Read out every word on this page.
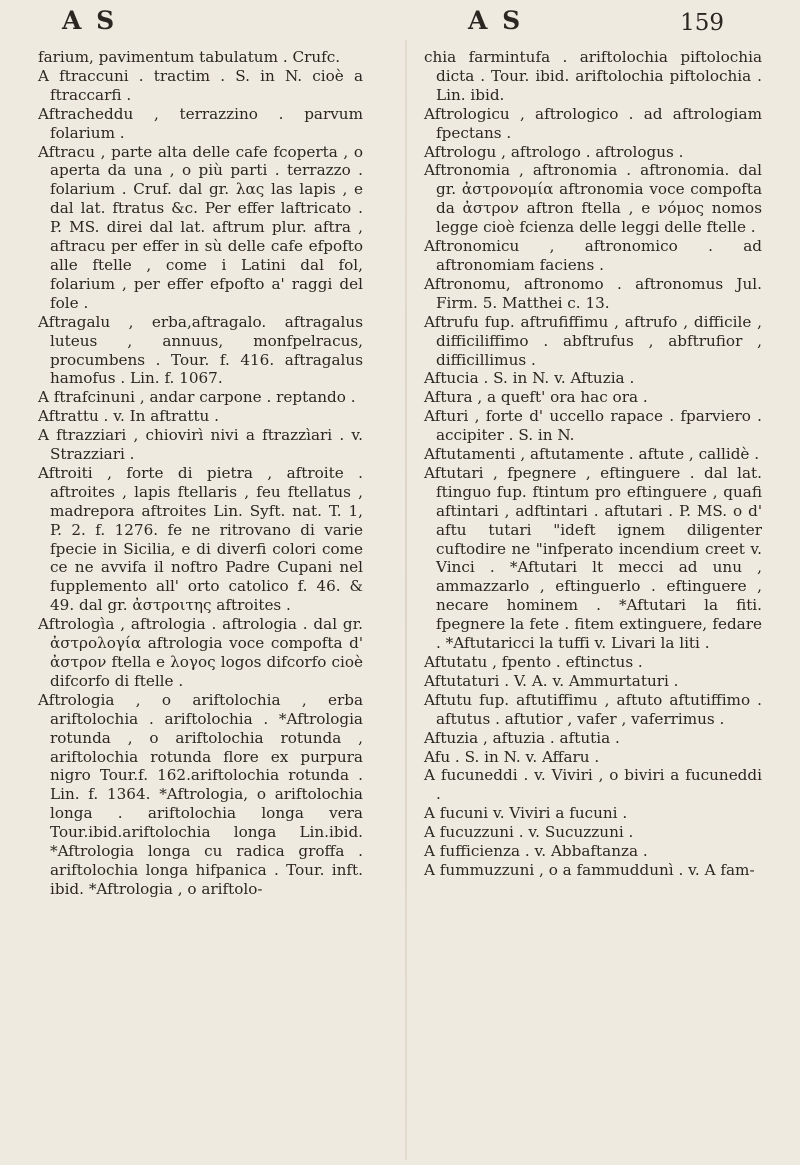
A S	A S	159

farium, pavimentum tabulatum . Crufc.

A ftraccuni . tractim . S. in N. cioè a ftraccarfi .

Aftracheddu , terrazzino . parvum folarium .

Aftracu , parte alta delle cafe fcoperta , o aperta da una , o più parti . terrazzo . folarium . Cruf. dal gr. λας las lapis , e dal lat. ftratus &c. Per effer laftricato . P. MS. direi dal lat. aftrum plur. aftra , aftracu per effer in sù delle cafe efpofto alle ftelle , come i Latini dal fol, folarium , per effer efpofto a' raggi del fole .

Aftragalu , erba,aftragalo. aftragalus luteus , annuus, monfpelracus, procumbens . Tour. f. 416. aftragalus hamofus . Lin. f. 1067.

A ftrafcinuni , andar carpone . reptando .

Aftrattu . v. In aftrattu .

A ftrazziari , chiovirì nivi a ftrazzìari . v. Strazziari .

Aftroiti , forte di pietra , aftroite . aftroites , lapis ftellaris , feu ftellatus , madrepora aftroites Lin. Syft. nat. T. 1, P. 2. f. 1276. fe ne ritrovano di varie fpecie in Sicilia, e di diverfi colori come ce ne avvifa il noftro Padre Cupani nel fupplemento all' orto catolico f. 46. & 49. dal gr. ἀστροιτης aftroites .

Aftrologìa , aftrologia . aftrologia . dal gr. ἀστρολογία aftrologia voce compofta d' ἀστρον ftella e λογος logos difcorfo cioè difcorfo di ftelle .

Aftrologia , o ariftolochia , erba ariftolochia . ariftolochia . *Aftrologia rotunda , o ariftolochia rotunda , ariftolochia rotunda flore ex purpura nigro Tour.f. 162.ariftolochia rotunda . Lin. f. 1364. *Aftrologia, o ariftolochia longa . ariftolochia longa vera Tour.ibid.ariftolochia longa Lin.ibid. *Aftrologia longa cu radica groffa . ariftolochia longa hifpanica . Tour. inft. ibid. *Aftrologia , o ariftolo-

chia farmintufa . ariftolochia piftolochia dicta . Tour. ibid. ariftolochia piftolochia . Lin. ibid.

Aftrologicu , aftrologico . ad aftrologiam fpectans .

Aftrologu , aftrologo . aftrologus .

Aftronomia , aftronomia . aftronomia. dal gr. ἀστρονομία aftronomia voce compofta da ἀστρον aftron ftella , e νόμος nomos legge cioè fcienza delle leggi delle ftelle .

Aftronomicu , aftronomico . ad aftronomiam faciens .

Aftronomu, aftronomo . aftronomus Jul. Firm. 5. Matthei c. 13.

Aftrufu fup. aftrufiffimu , aftrufo , difficile , difficiliffimo . abftrufus , abftrufior , difficillimus .

Aftucia . S. in N. v. Aftuzia .

Aftura , a queft' ora hac ora .

Afturi , forte d' uccello rapace . fparviero . accipiter . S. in N.

Aftutamenti , aftutamente . aftute , callidè .

Aftutari , fpegnere , eftinguere . dal lat. ftinguo fup. ftintum pro eftinguere , quafi aftintari , adftintari . aftutari . P. MS. o d' aftu tutari "ideft ignem diligenter cuftodire ne "infperato incendium creet v. Vinci . *Aftutari lt mecci ad unu , ammazzarlo , eftinguerlo . eftinguere , necare hominem . *Aftutari la fiti. fpegnere la fete . fitem extinguere, fedare . *Aftutaricci la tuffi v. Livari la liti .

Aftutatu , fpento . eftinctus .

Aftutaturi . V. A. v. Ammurtaturi .

Aftutu fup. aftutiffimu , aftuto aftutiffimo . aftutus . aftutior , vafer , vaferrimus .

Aftuzia , aftuzia . aftutia .

Afu . S. in N. v. Affaru .

A fucuneddi . v. Viviri , o biviri a fucuneddi .

A fucuni v. Viviri a fucuni .

A fucuzzuni . v. Sucuzzuni .

A fufficienza . v. Abbaftanza .

A fummuzzuni , o a fammuddunì . v. A fam-
